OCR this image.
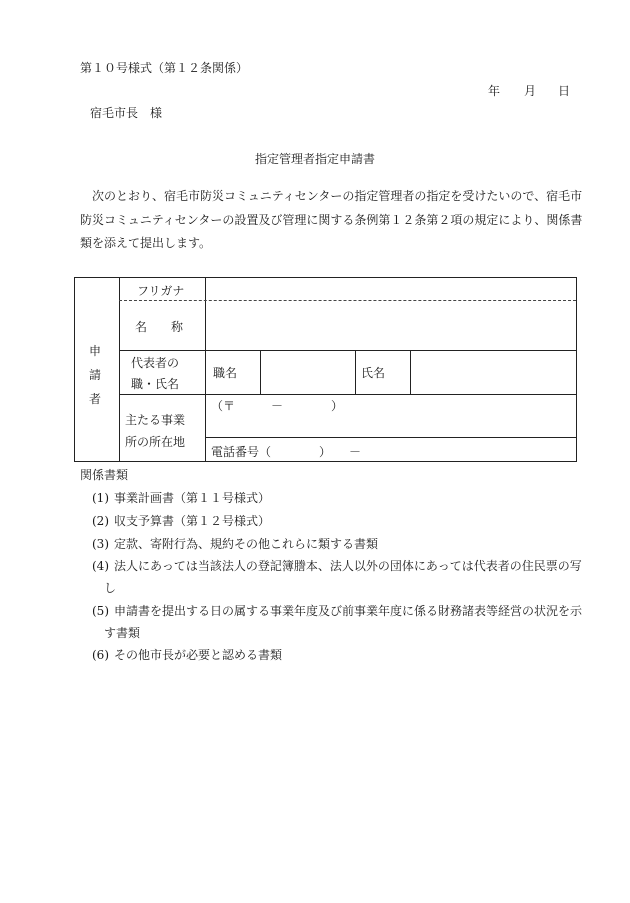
第１０号様式（第１２条関係）
年 月 日
宿毛市長　様
指定管理者指定申請書
次のとおり、宿毛市防災コミュニティセンターの指定管理者の指定を受けたいので、宿毛市
防災コミュニティセンターの設置及び管理に関する条例第１２条第２項の規定により、関係書
類を添えて提出します。
申
請
者
フリガナ
名　　称
代表者の
職・氏名
職名	氏名
主たる事業
所の所在地
（〒　　　－　　　　）
電話番号（　　　　）　　－
関係書類
(1) 事業計画書（第１１号様式）
(2) 収支予算書（第１２号様式）
(3) 定款、寄附行為、規約その他これらに類する書類
(4) 法人にあっては当該法人の登記簿謄本、法人以外の団体にあっては代表者の住民票の写
し
(5) 申請書を提出する日の属する事業年度及び前事業年度に係る財務諸表等経営の状況を示
す書類
(6) その他市長が必要と認める書類
